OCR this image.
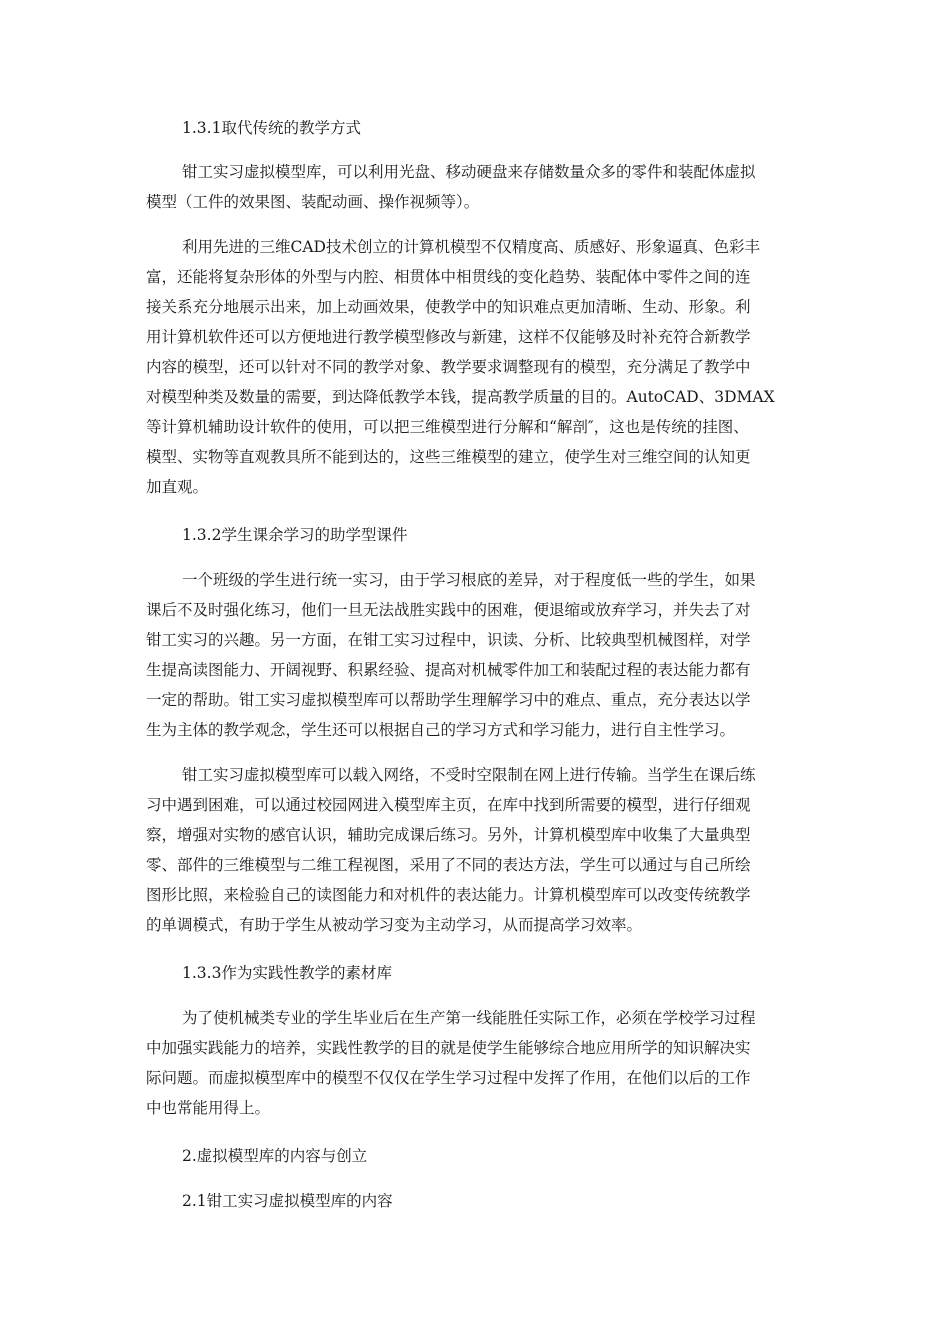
1.3.1取代传统的教学方式

钳工实习虚拟模型库，可以利用光盘、移动硬盘来存储数量众多的零件和装配体虚拟

模型（工件的效果图、装配动画、操作视频等）。

利用先进的三维CAD技术创立的计算机模型不仅精度高、质感好、形象逼真、色彩丰

富，还能将复杂形体的外型与内腔、相贯体中相贯线的变化趋势、装配体中零件之间的连

接关系充分地展示出来，加上动画效果，使教学中的知识难点更加清晰、生动、形象。利

用计算机软件还可以方便地进行教学模型修改与新建，这样不仅能够及时补充符合新教学

内容的模型，还可以针对不同的教学对象、教学要求调整现有的模型，充分满足了教学中

对模型种类及数量的需要，到达降低教学本钱，提高教学质量的目的。AutoCAD、3DMAX

等计算机辅助设计软件的使用，可以把三维模型进行分解和“解剖″，这也是传统的挂图、

模型、实物等直观教具所不能到达的，这些三维模型的建立，使学生对三维空间的认知更

加直观。

1.3.2学生课余学习的助学型课件

一个班级的学生进行统一实习，由于学习根底的差异，对于程度低一些的学生，如果

课后不及时强化练习，他们一旦无法战胜实践中的困难，便退缩或放弃学习，并失去了对

钳工实习的兴趣。另一方面，在钳工实习过程中，识读、分析、比较典型机械图样，对学

生提高读图能力、开阔视野、积累经验、提高对机械零件加工和装配过程的表达能力都有

一定的帮助。钳工实习虚拟模型库可以帮助学生理解学习中的难点、重点，充分表达以学

生为主体的教学观念，学生还可以根据自己的学习方式和学习能力，进行自主性学习。

钳工实习虚拟模型库可以载入网络，不受时空限制在网上进行传输。当学生在课后练

习中遇到困难，可以通过校园网进入模型库主页，在库中找到所需要的模型，进行仔细观

察，增强对实物的感官认识，辅助完成课后练习。另外，计算机模型库中收集了大量典型

零、部件的三维模型与二维工程视图，采用了不同的表达方法，学生可以通过与自己所绘

图形比照，来检验自己的读图能力和对机件的表达能力。计算机模型库可以改变传统教学

的单调模式，有助于学生从被动学习变为主动学习，从而提高学习效率。

1.3.3作为实践性教学的素材库

为了使机械类专业的学生毕业后在生产第一线能胜任实际工作，必须在学校学习过程

中加强实践能力的培养，实践性教学的目的就是使学生能够综合地应用所学的知识解决实

际问题。而虚拟模型库中的模型不仅仅在学生学习过程中发挥了作用，在他们以后的工作

中也常能用得上。

2.虚拟模型库的内容与创立

2.1钳工实习虚拟模型库的内容
